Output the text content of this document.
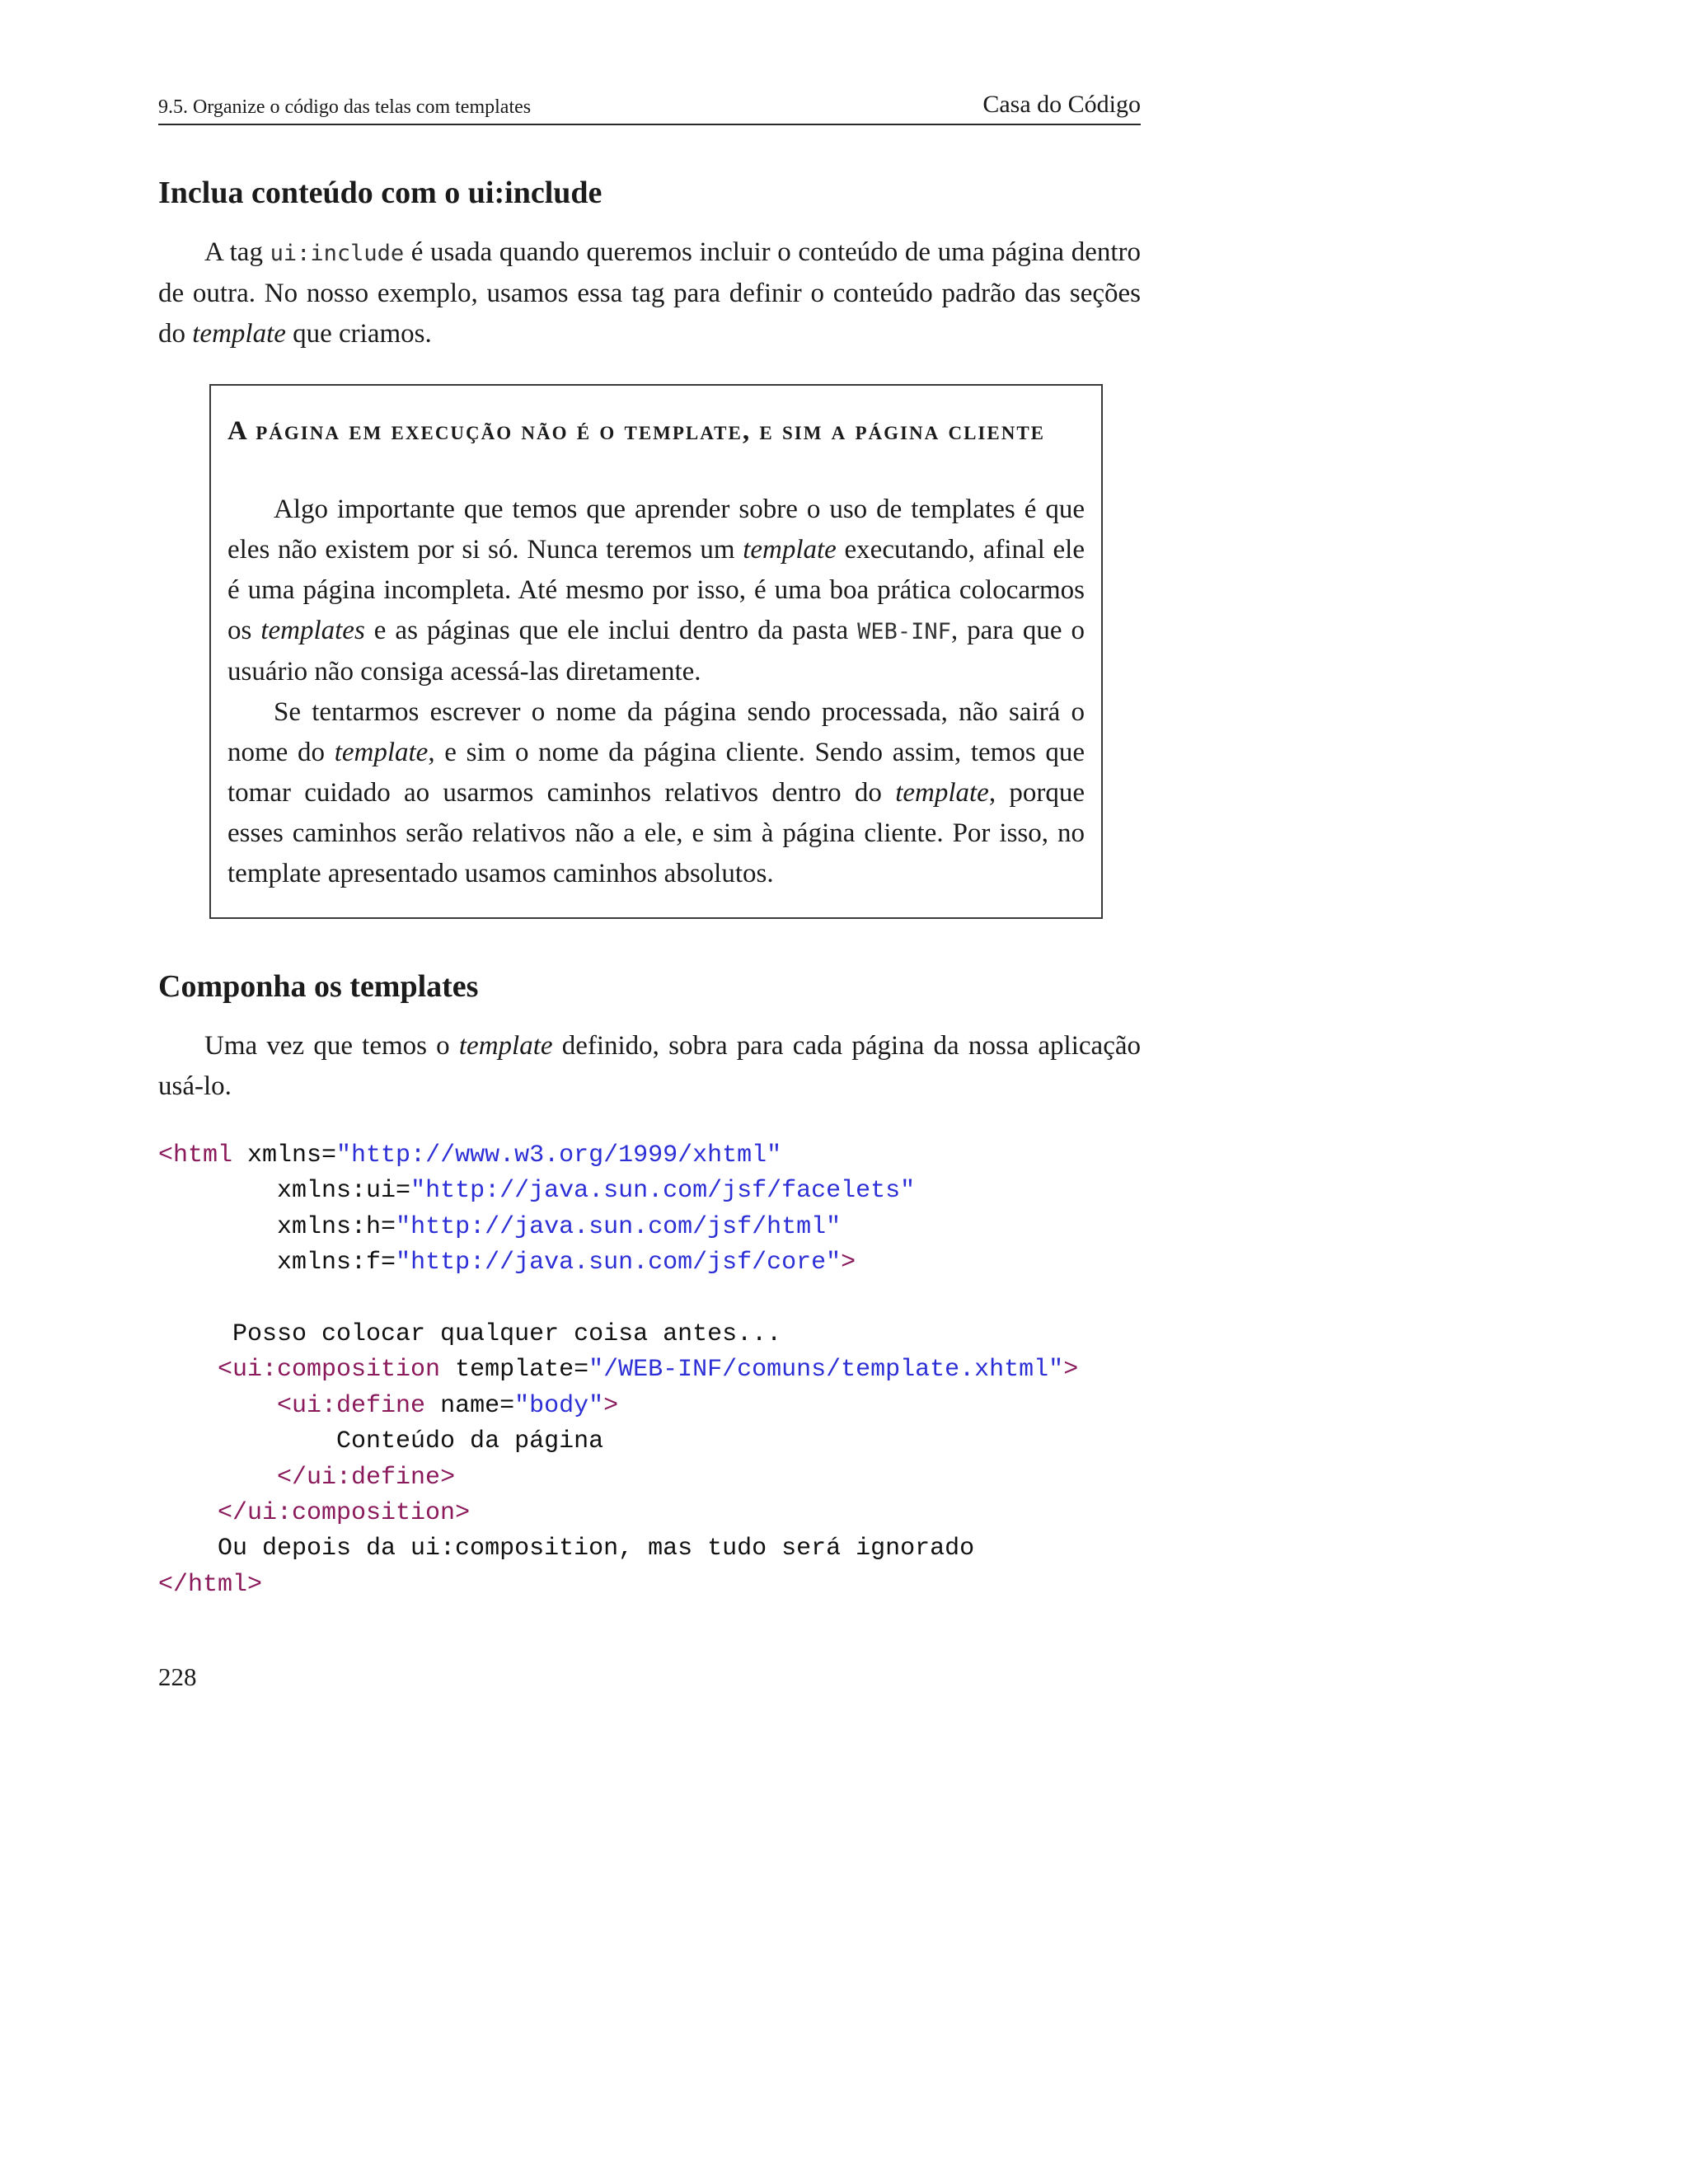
9.5. Organize o código das telas com templates	Casa do Código
Inclua conteúdo com o ui:include

A tag ui:include é usada quando queremos incluir o conteúdo de uma página dentro de outra. No nosso exemplo, usamos essa tag para definir o conteúdo padrão das seções do template que criamos.

A página em execução não é o template, e sim a página cliente

Algo importante que temos que aprender sobre o uso de templates é que eles não existem por si só. Nunca teremos um template executando, afinal ele é uma página incompleta. Até mesmo por isso, é uma boa prática colocarmos os templates e as páginas que ele inclui dentro da pasta WEB-INF, para que o usuário não consiga acessá-las diretamente.

Se tentarmos escrever o nome da página sendo processada, não sairá o nome do template, e sim o nome da página cliente. Sendo assim, temos que tomar cuidado ao usarmos caminhos relativos dentro do template, porque esses caminhos serão relativos não a ele, e sim à página cliente. Por isso, no template apresentado usamos caminhos absolutos.

Componha os templates

Uma vez que temos o template definido, sobra para cada página da nossa aplicação usá-lo.

<html xmlns="http://www.w3.org/1999/xhtml"
xmlns:ui="http://java.sun.com/jsf/facelets"
xmlns:h="http://java.sun.com/jsf/html"
xmlns:f="http://java.sun.com/jsf/core">

Posso colocar qualquer coisa antes...
<ui:composition template="/WEB-INF/comuns/template.xhtml">
<ui:define name="body">
Conteúdo da página
</ui:define>
</ui:composition>
Ou depois da ui:composition, mas tudo será ignorado
</html>
228
